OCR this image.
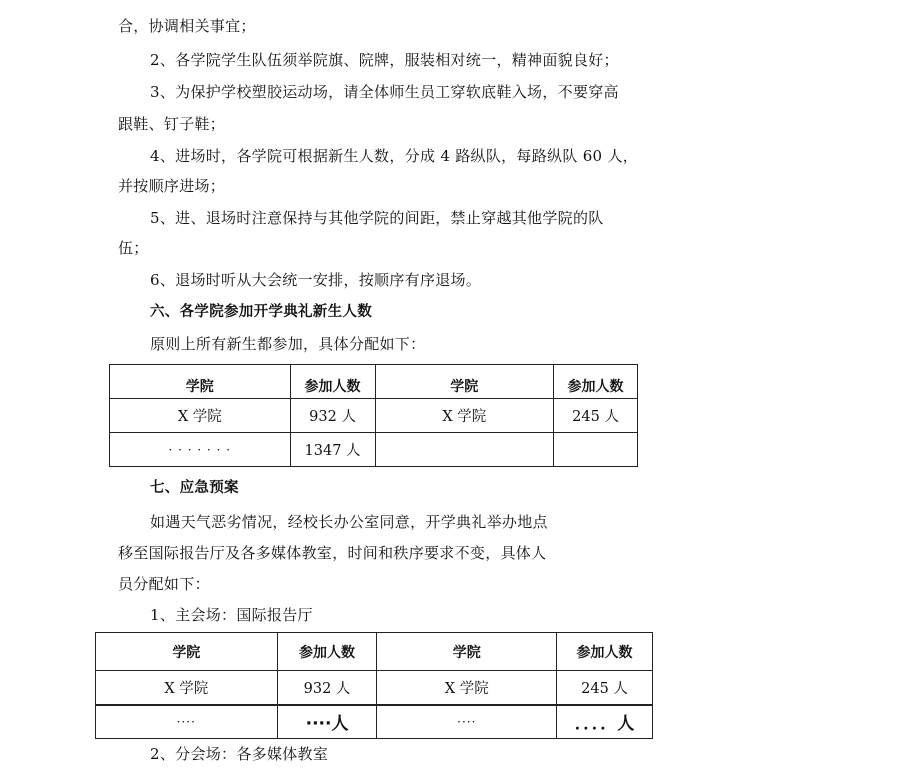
合，协调相关事宜；
2、各学院学生队伍须举院旗、院牌，服装相对统一，精神面貌良好；
3、为保护学校塑胶运动场，请全体师生员工穿软底鞋入场，不要穿高
跟鞋、钉子鞋；
4、进场时，各学院可根据新生人数，分成 4 路纵队，每路纵队 60 人，
并按顺序进场；
5、进、退场时注意保持与其他学院的间距，禁止穿越其他学院的队
伍；
6、退场时听从大会统一安排，按顺序有序退场。
六、各学院参加开学典礼新生人数
原则上所有新生都参加，具体分配如下：
学院	参加人数	学院	参加人数
X 学院	932 人	X 学院	245 人
· · · · · · ·	1347 人		
七、应急预案
如遇天气恶劣情况，经校长办公室同意，开学典礼举办地点
移至国际报告厅及各多媒体教室，时间和秩序要求不变，具体人
员分配如下：
1、主会场：国际报告厅
学院	参加人数	学院	参加人数
X 学院	932 人	X 学院	245 人
····	····人	····	．．．．人
2、分会场：各多媒体教室
